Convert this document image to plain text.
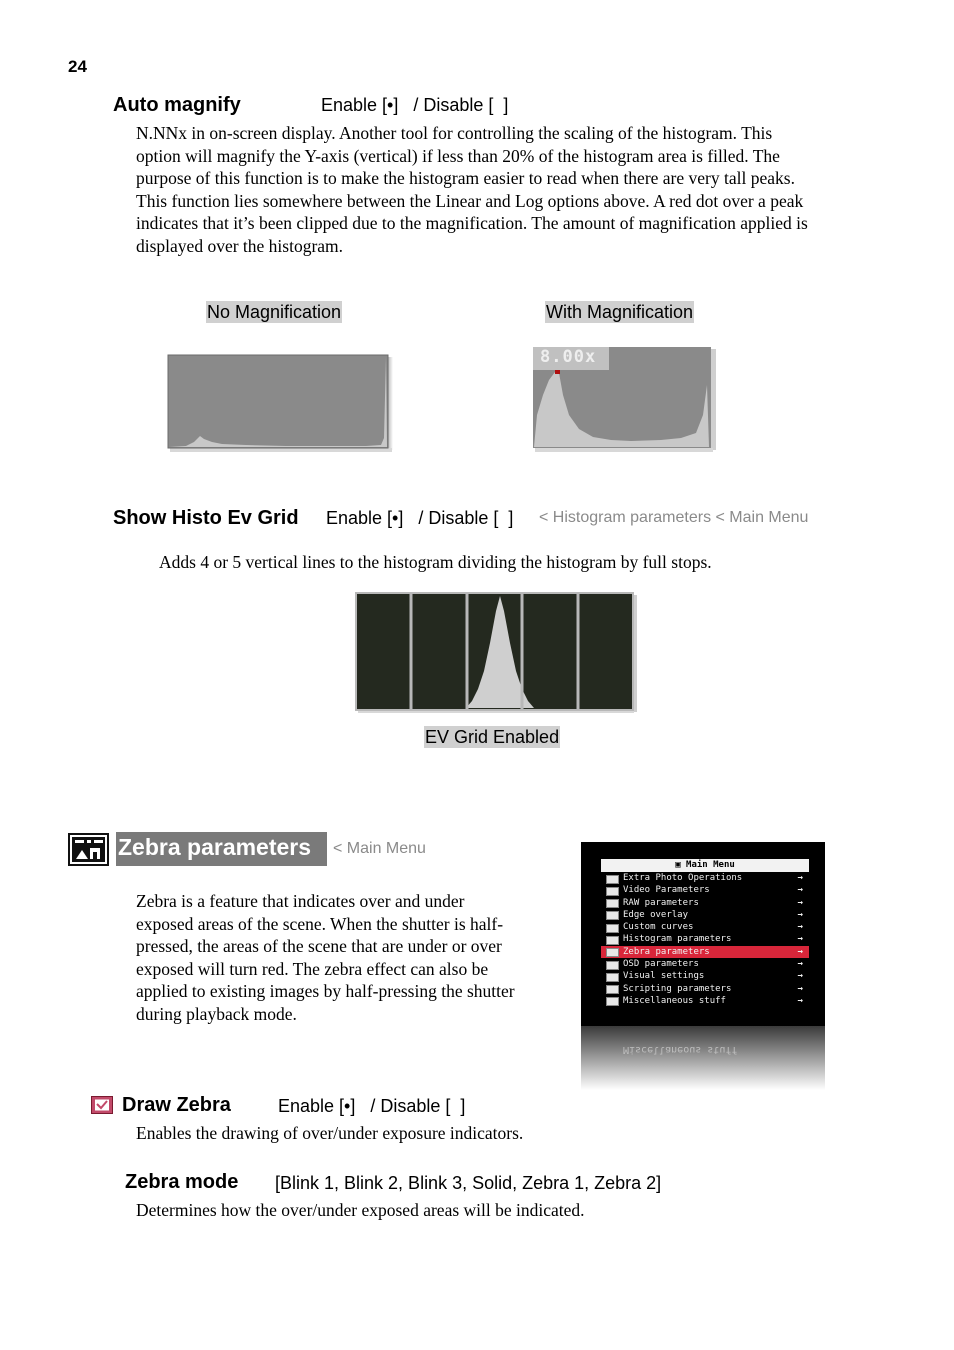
24
Auto magnify	Enable [•]   / Disable [  ]
N.NNx in on-screen display. Another tool for controlling the scaling of the histogram. This
option will magnify the Y-axis (vertical) if less than 20% of the histogram area is filled. The
purpose of this function is to make the histogram easier to read when there are very tall peaks.
This function lies somewhere between the Linear and Log options above. A red dot over a peak
indicates that it’s been clipped due to the magnification. The amount of magnification applied is
displayed over the histogram.
No Magnification	With Magnification
8.00x
Show Histo Ev Grid Enable [•]   / Disable [  ] < Histogram parameters < Main Menu
Adds 4 or 5 vertical lines to the histogram dividing the histogram by full stops.
EV Grid Enabled
Zebra parameters < Main Menu
Zebra is a feature that indicates over and under
exposed areas of the scene. When the shutter is half-
pressed, the areas of the scene that are under or over
exposed will turn red. The zebra effect can also be
applied to existing images by half-pressing the shutter
during playback mode.
▣ Main Menu
Extra Photo Operations	→
Video Parameters	→
RAW parameters	→
Edge overlay	→
Custom curves	→
Histogram parameters	→
Zebra parameters	→
OSD parameters	→
Visual settings	→
Scripting parameters	→
Miscellaneous stuff	→
Miscellaneous stuff
Draw Zebra	Enable [•]   / Disable [  ]
Enables the drawing of over/under exposure indicators.
Zebra mode [Blink 1, Blink 2, Blink 3, Solid, Zebra 1, Zebra 2]
Determines how the over/under exposed areas will be indicated.
